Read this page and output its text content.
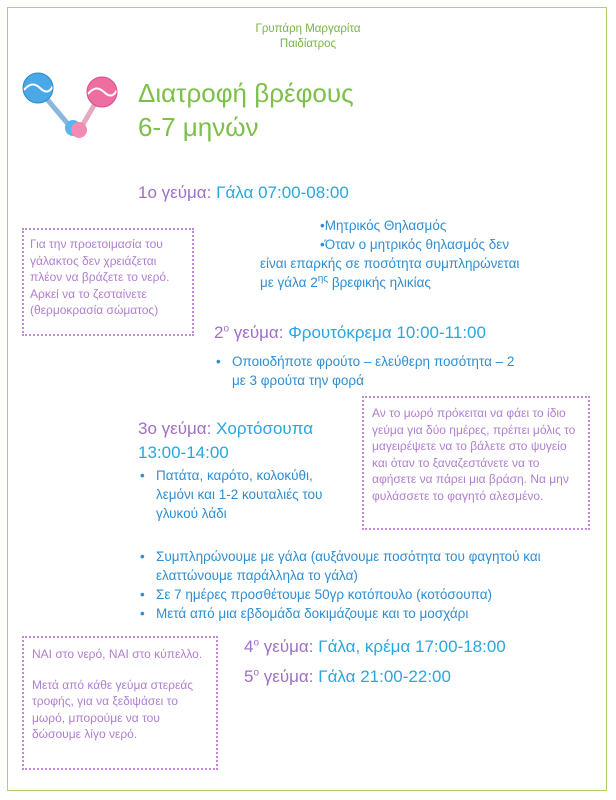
Γρυπάρη Μαργαρίτα
Παιδίατρος
Διατροφή βρέφους
6-7 μηνών
1ο γεύμα: Γάλα 07:00-08:00
•Μητρικός Θηλασμός
•Όταν ο μητρικός θηλασμός δεν
είναι επαρκής σε ποσότητα συμπληρώνεται
με γάλα $2^{\eta\varsigma}$ βρεφικής ηλικίας
Για την προετοιμασία του γάλακτος δεν χρειάζεται πλέον να βράζετε το νερό. Αρκεί να το ζεσταίνετε (θερμοκρασία σώματος)
$2^o$ γεύμα: Φρουτόκρεμα 10:00-11:00
• Οποιοδήποτε φρούτο – ελεύθερη ποσότητα – 2
με 3 φρούτα την φορά
Αν το μωρό πρόκειται να φάει το ίδιο γεύμα για δύο ημέρες, πρέπει μόλις το μαγειρέψετε να το βάλετε στο ψυγείο και όταν το ξαναζεστάνετε να το αφήσετε να πάρει μια βράση. Να μην φυλάσσετε το φαγητό αλεσμένο.
3ο γεύμα: Χορτόσουπα
13:00-14:00
• Πατάτα, καρότο, κολοκύθι, λεμόνι και 1-2 κουταλιές του γλυκού λάδι
• Συμπληρώνουμε με γάλα (αυξάνουμε ποσότητα του φαγητού και ελαττώνουμε παράλληλα το γάλα)
• Σε 7 ημέρες προσθέτουμε 50γρ κοτόπουλο (κοτόσουπα)
• Μετά από μια εβδομάδα δοκιμάζουμε και το μοσχάρι
ΝΑΙ στο νερό, ΝΑΙ στο κύπελλο.
Μετά από κάθε γεύμα στερεάς τροφής, για να ξεδιψάσει το μωρό, μπορούμε να του δώσουμε λίγο νερό.
$4^o$ γεύμα: Γάλα, κρέμα 17:00-18:00
$5^o$ γεύμα: Γάλα 21:00-22:00
